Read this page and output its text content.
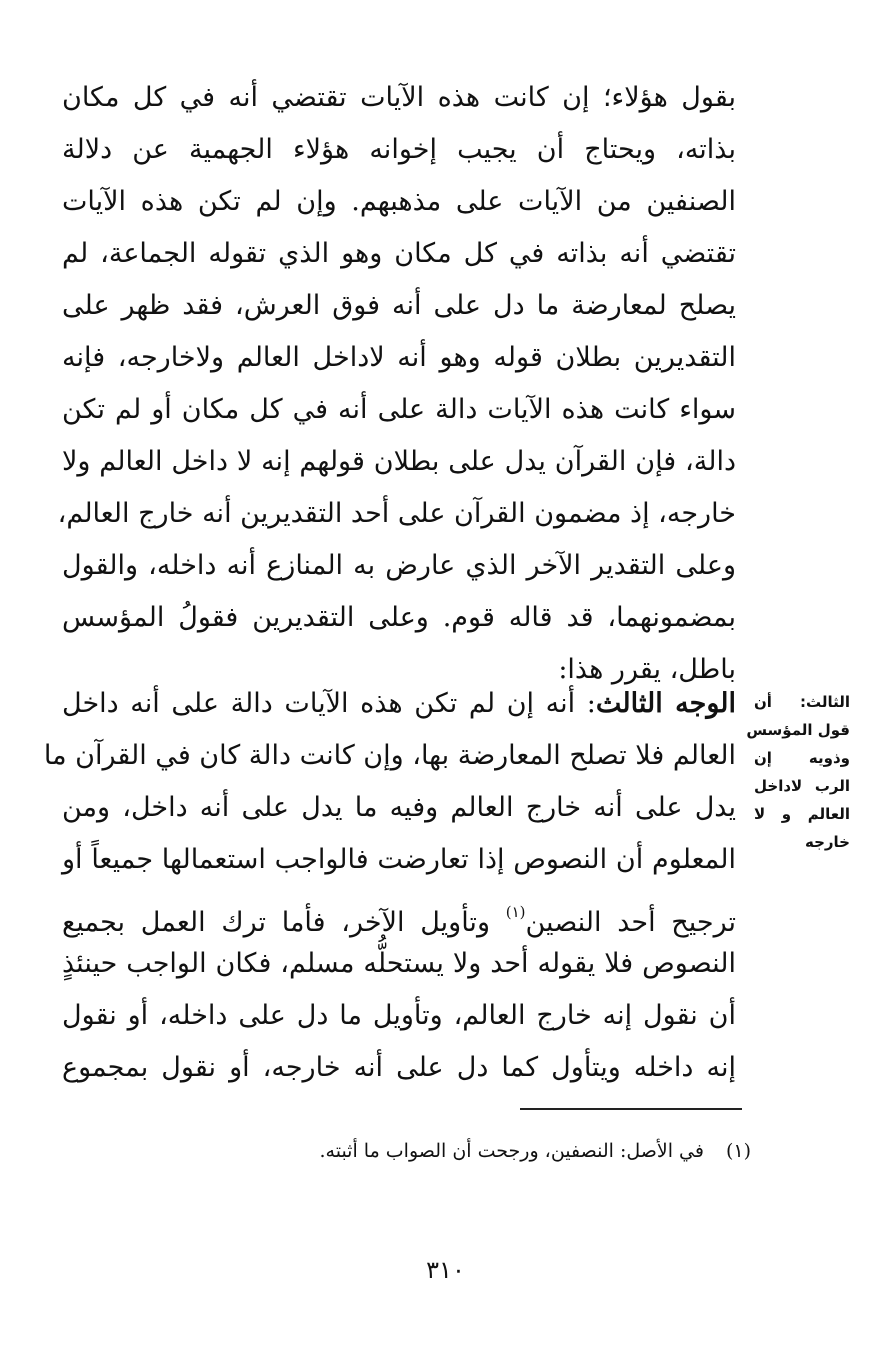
بقول هؤلاء؛ إن كانت هذه الآيات تقتضي أنه في كل مكان
بذاته، ويحتاج أن يجيب إخوانه هؤلاء الجهمية عن دلالة
الصنفين من الآيات على مذهبهم. وإن لم تكن هذه الآيات
تقتضي أنه بذاته في كل مكان وهو الذي تقوله الجماعة، لم
يصلح لمعارضة ما دل على أنه فوق العرش، فقد ظهر على
التقديرين بطلان قوله وهو أنه لاداخل العالم ولاخارجه، فإنه
سواء كانت هذه الآيات دالة على أنه في كل مكان أو لم تكن
دالة، فإن القرآن يدل على بطلان قولهم إنه لا داخل العالم ولا
خارجه، إذ مضمون القرآن على أحد التقديرين أنه خارج العالم،
وعلى التقدير الآخر الذي عارض به المنازع أنه داخله، والقول
بمضمونهما، قد قاله قوم. وعلى التقديرين فقولُ المؤسس
باطل، يقرر هذا:
الوجه الثالث: أنه إن لم تكن هذه الآيات دالة على أنه داخل
العالم فلا تصلح المعارضة بها، وإن كانت دالة كان في القرآن ما
يدل على أنه خارج العالم وفيه ما يدل على أنه داخل، ومن
المعلوم أن النصوص إذا تعارضت فالواجب استعمالها جميعاً أو
ترجيح أحد النصين$^{(١)}$ وتأويل الآخر، فأما ترك العمل بجميع
النصوص فلا يقوله أحد ولا يستحلُّه مسلم، فكان الواجب حينئذٍ
أن نقول إنه خارج العالم، وتأويل ما دل على داخله، أو نقول
إنه داخله ويتأول كما دل على أنه خارجه، أو نقول بمجموع
الثالث: أن
قول المؤسس
وذويه إن
الرب لاداخل
العالم و لا
خارجه
(١)في الأصل: النصفين، ورجحت أن الصواب ما أثبته.
٣١٠
